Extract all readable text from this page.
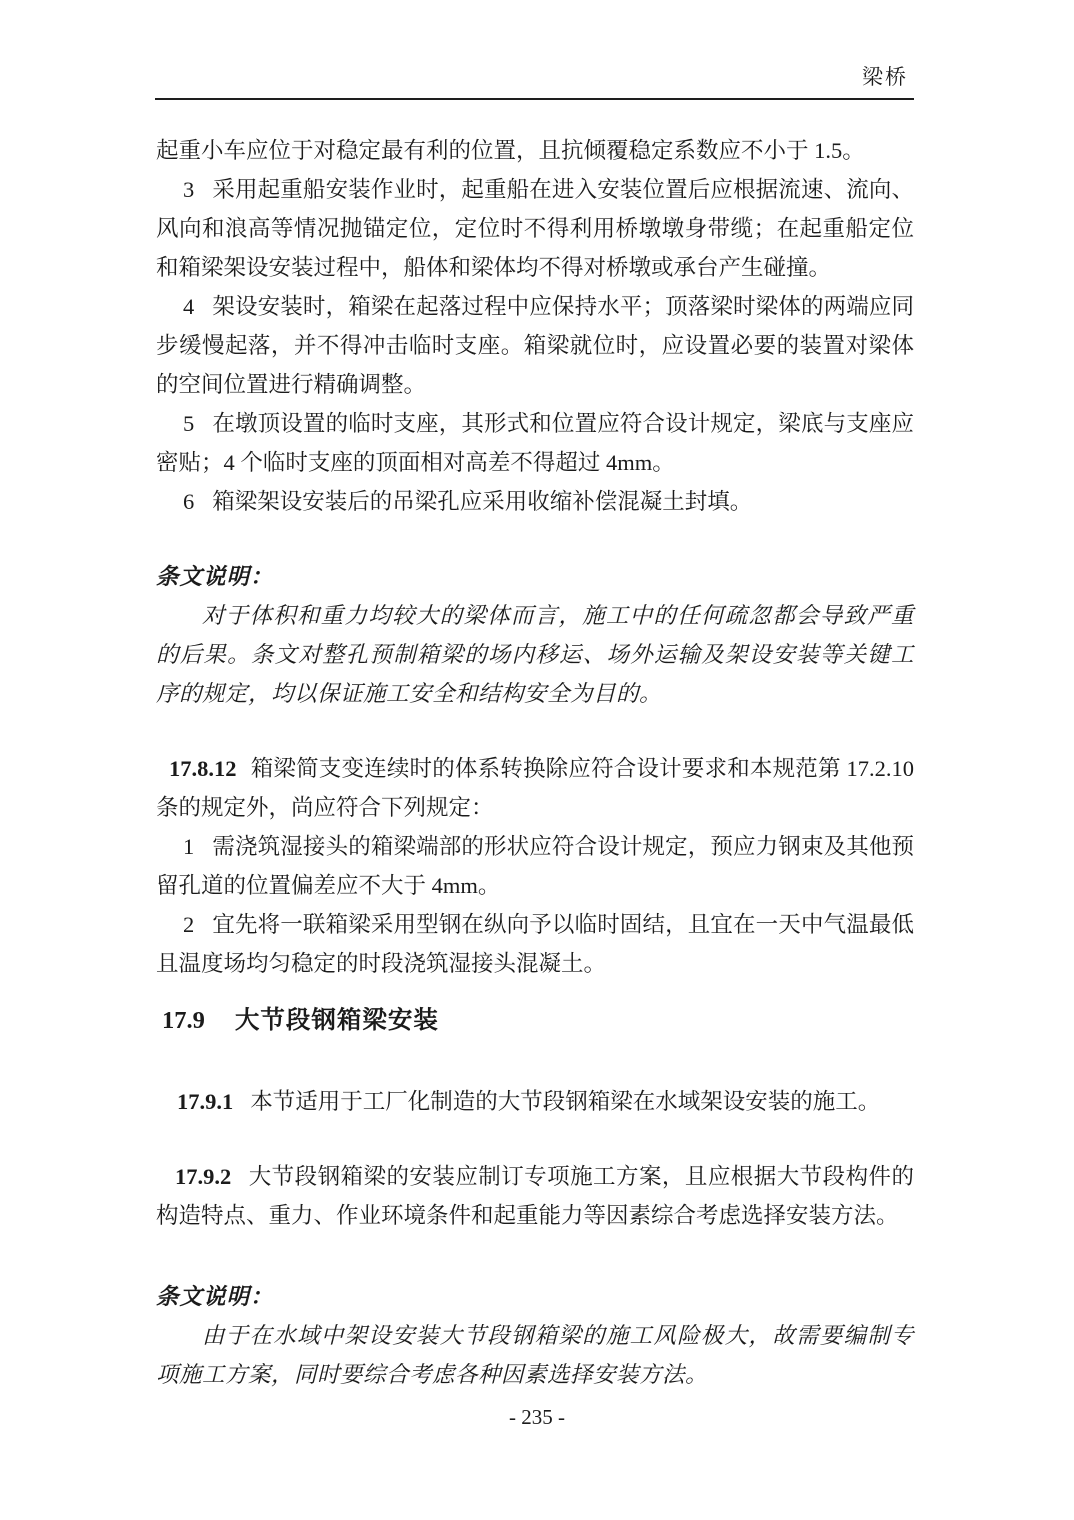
梁桥

起重小车应位于对稳定最有利的位置，且抗倾覆稳定系数应不小于 1.5。

3 采用起重船安装作业时，起重船在进入安装位置后应根据流速、流向、风向和浪高等情况抛锚定位，定位时不得利用桥墩墩身带缆；在起重船定位和箱梁架设安装过程中，船体和梁体均不得对桥墩或承台产生碰撞。

4 架设安装时，箱梁在起落过程中应保持水平；顶落梁时梁体的两端应同步缓慢起落，并不得冲击临时支座。箱梁就位时，应设置必要的装置对梁体的空间位置进行精确调整。

5 在墩顶设置的临时支座，其形式和位置应符合设计规定，梁底与支座应密贴；4 个临时支座的顶面相对高差不得超过 4mm。

6 箱梁架设安装后的吊梁孔应采用收缩补偿混凝土封填。

条文说明：

对于体积和重力均较大的梁体而言，施工中的任何疏忽都会导致严重的后果。条文对整孔预制箱梁的场内移运、场外运输及架设安装等关键工序的规定，均以保证施工安全和结构安全为目的。

17.8.12 箱梁简支变连续时的体系转换除应符合设计要求和本规范第 17.2.10 条的规定外，尚应符合下列规定：

1 需浇筑湿接头的箱梁端部的形状应符合设计规定，预应力钢束及其他预留孔道的位置偏差应不大于 4mm。

2 宜先将一联箱梁采用型钢在纵向予以临时固结，且宜在一天中气温最低且温度场均匀稳定的时段浇筑湿接头混凝土。

17.9 大节段钢箱梁安装

17.9.1 本节适用于工厂化制造的大节段钢箱梁在水域架设安装的施工。

17.9.2 大节段钢箱梁的安装应制订专项施工方案，且应根据大节段构件的构造特点、重力、作业环境条件和起重能力等因素综合考虑选择安装方法。

条文说明：

由于在水域中架设安装大节段钢箱梁的施工风险极大，故需要编制专项施工方案，同时要综合考虑各种因素选择安装方法。

- 235 -
